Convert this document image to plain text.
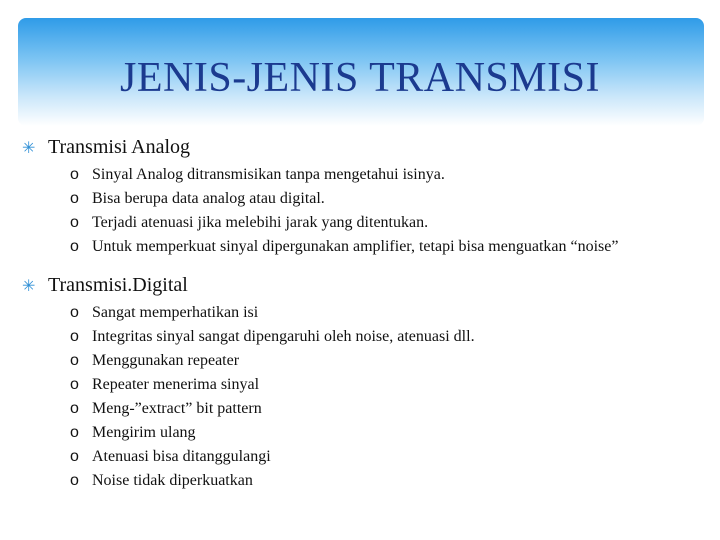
JENIS-JENIS TRANSMISI
✳ Transmisi Analog
o Sinyal Analog ditransmisikan tanpa mengetahui isinya.
o Bisa berupa data analog atau digital.
o Terjadi atenuasi jika melebihi jarak yang ditentukan.
o Untuk memperkuat sinyal dipergunakan amplifier, tetapi bisa menguatkan “noise”
✳ Transmisi.Digital
o Sangat memperhatikan isi
o Integritas sinyal sangat dipengaruhi oleh noise, atenuasi dll.
o Menggunakan repeater
o Repeater menerima sinyal
o Meng-”extract” bit pattern
o Mengirim ulang
o Atenuasi bisa ditanggulangi
o Noise tidak diperkuatkan
